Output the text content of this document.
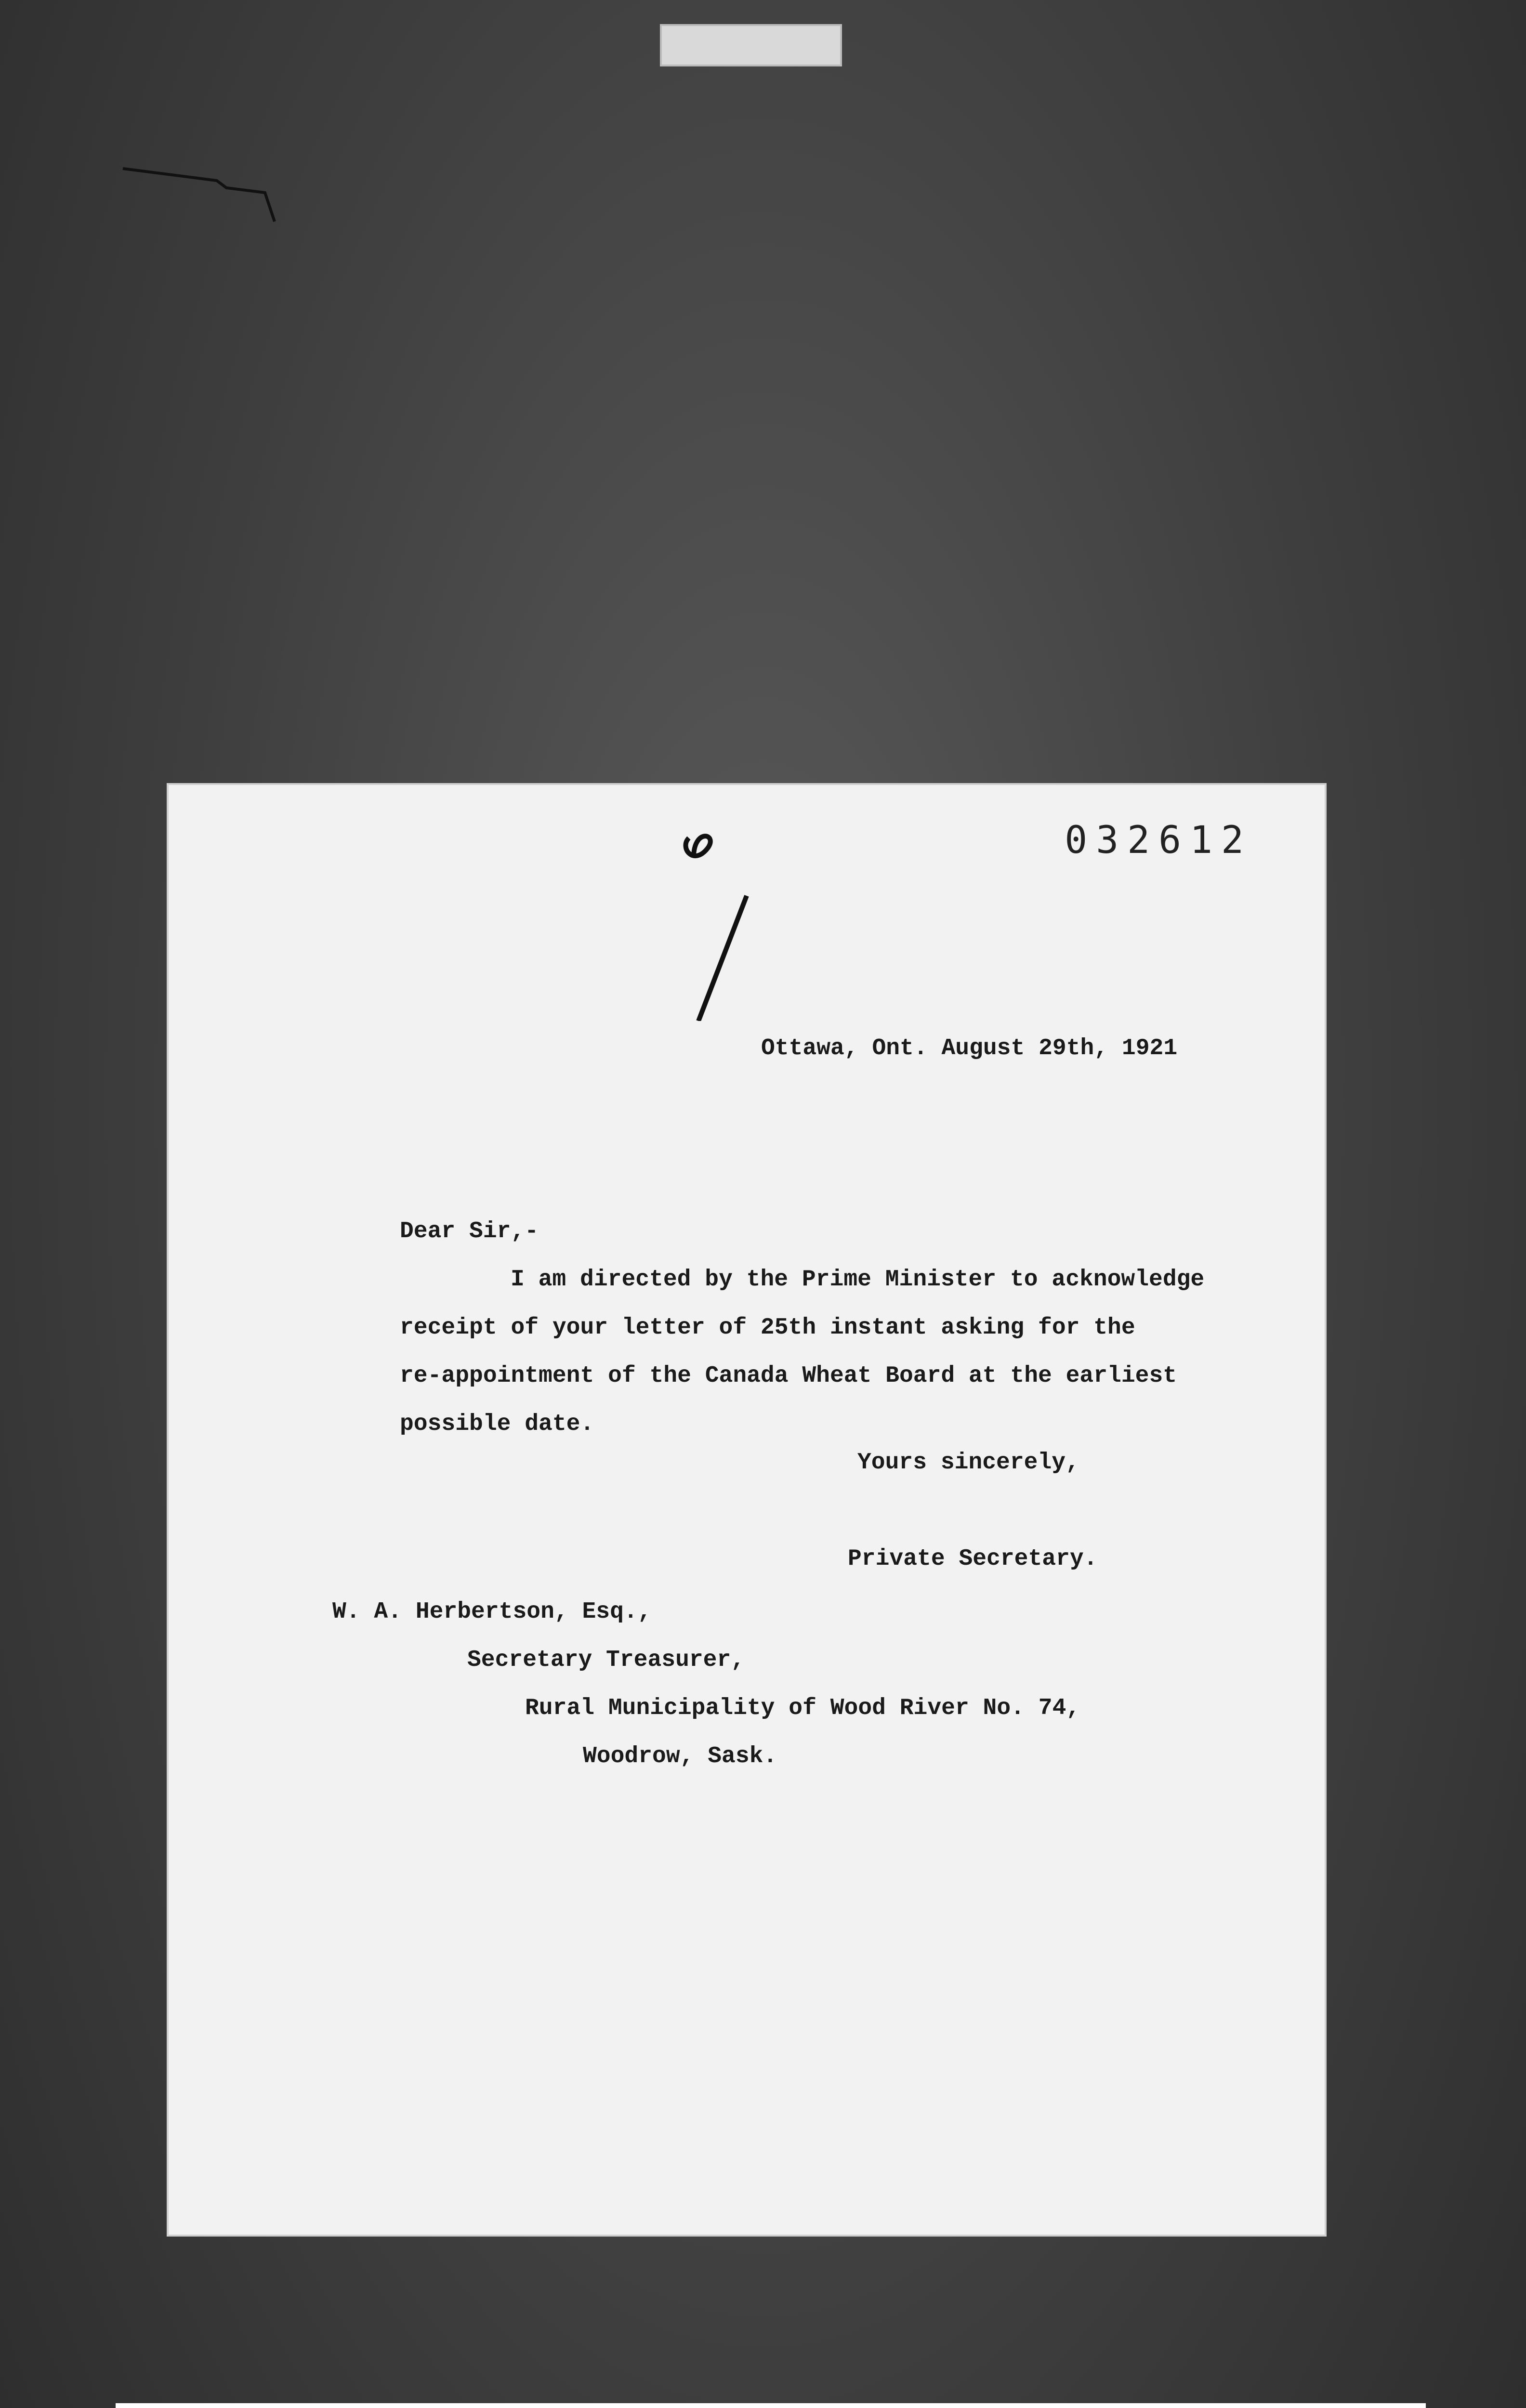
032612
Ottawa, Ont. August 29th, 1921
Dear Sir,-
I am directed by the Prime Minister to acknowledge
receipt of your letter of 25th instant asking for the
re-appointment of the Canada Wheat Board at the earliest
possible date.
Yours sincerely,
Private Secretary.
W. A. Herbertson, Esq.,
Secretary Treasurer,
Rural Municipality of Wood River No. 74,
Woodrow, Sask.
